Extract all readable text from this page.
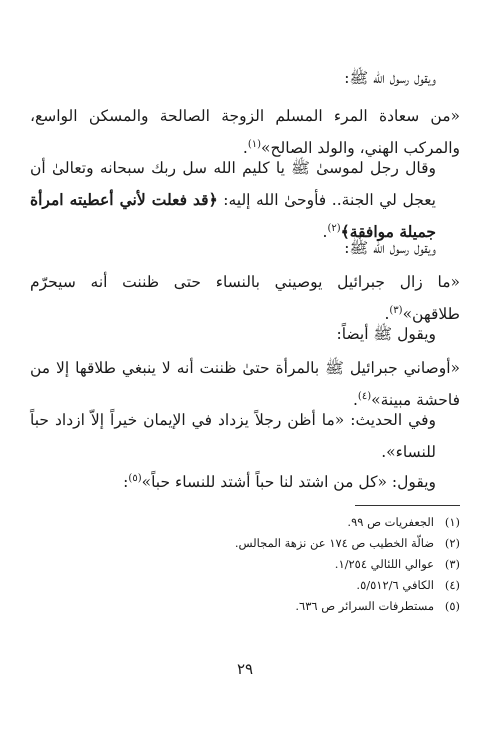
ويقول رسول الله ﷺ:

«من سعادة المرء المسلم الزوجة الصالحة والمسكن الواسع، والمركب الهني، والولد الصالح»$^{(١)}$.

وقال رجل لموسىٰ ﷺ يا كليم الله سل ربك سبحانه وتعالىٰ أن يعجل لي الجنة.. فأوحىٰ الله إليه: ﴿قد فعلت لأني أعطيته امرأة جميلة موافقة﴾$^{(٢)}$.

ويقول رسول الله ﷺ:

«ما زال جبرائيل يوصيني بالنساء حتى ظننت أنه سيحرّم طلاقهن»$^{(٣)}$.

ويقول ﷺ أيضاً:

«أوصاني جبرائيل ﷺ بالمرأة حتىٰ ظننت أنه لا ينبغي طلاقها إلا من فاحشة مبينة»$^{(٤)}$.

وفي الحديث: «ما أظن رجلاً يزداد في الإيمان خيراً إلاّ ازداد حباً للنساء».

ويقول: «كل من اشتد لنا حباً أشتد للنساء حباً»$^{(٥)}$:

(١)الجعفريات ص ٩٩.
(٢)ضالّة الخطيب ص ١٧٤ عن نزهة المجالس.
(٣)عوالي اللئالي ١/٢٥٤.
(٤)الكافي ٥/٥١٢/٦.
(٥)مستطرفات السرائر ص ٦٣٦.
٢٩
